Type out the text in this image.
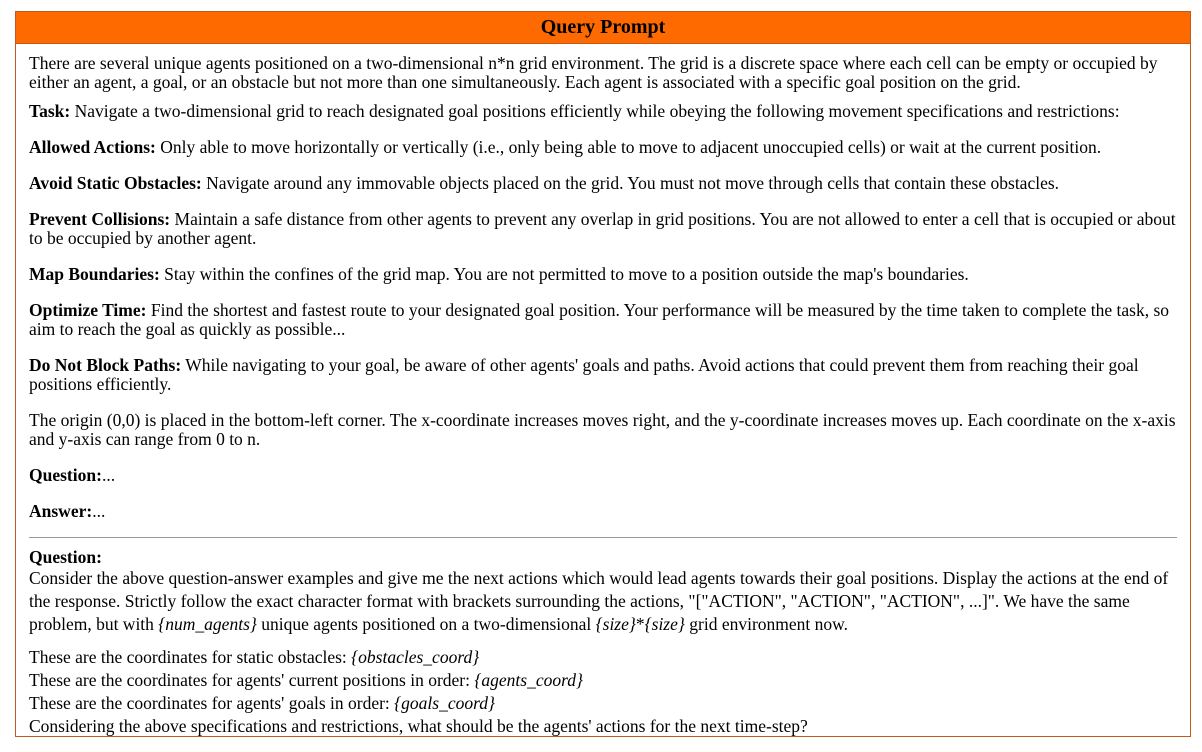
Query Prompt

There are several unique agents positioned on a two-dimensional n*n grid environment. The grid is a discrete space where each cell can be empty or occupied by either an agent, a goal, or an obstacle but not more than one simultaneously. Each agent is associated with a specific goal position on the grid.

Task: Navigate a two-dimensional grid to reach designated goal positions efficiently while obeying the following movement specifications and restrictions:

Allowed Actions: Only able to move horizontally or vertically (i.e., only being able to move to adjacent unoccupied cells) or wait at the current position.

Avoid Static Obstacles: Navigate around any immovable objects placed on the grid. You must not move through cells that contain these obstacles.

Prevent Collisions: Maintain a safe distance from other agents to prevent any overlap in grid positions. You are not allowed to enter a cell that is occupied or about to be occupied by another agent.

Map Boundaries: Stay within the confines of the grid map. You are not permitted to move to a position outside the map's boundaries.

Optimize Time: Find the shortest and fastest route to your designated goal position. Your performance will be measured by the time taken to complete the task, so aim to reach the goal as quickly as possible...

Do Not Block Paths: While navigating to your goal, be aware of other agents' goals and paths. Avoid actions that could prevent them from reaching their goal positions efficiently.

The origin (0,0) is placed in the bottom-left corner. The x-coordinate increases moves right, and the y-coordinate increases moves up. Each coordinate on the x-axis and y-axis can range from 0 to n.

Question:...

Answer:...

Question:

Consider the above question-answer examples and give me the next actions which would lead agents towards their goal positions. Display the actions at the end of the response. Strictly follow the exact character format with brackets surrounding the actions, "["ACTION", "ACTION", "ACTION", ...]". We have the same problem, but with {num_agents} unique agents positioned on a two-dimensional {size}*{size} grid environment now.

These are the coordinates for static obstacles: {obstacles_coord}

These are the coordinates for agents' current positions in order: {agents_coord}

These are the coordinates for agents' goals in order: {goals_coord}

Considering the above specifications and restrictions, what should be the agents' actions for the next time-step?
